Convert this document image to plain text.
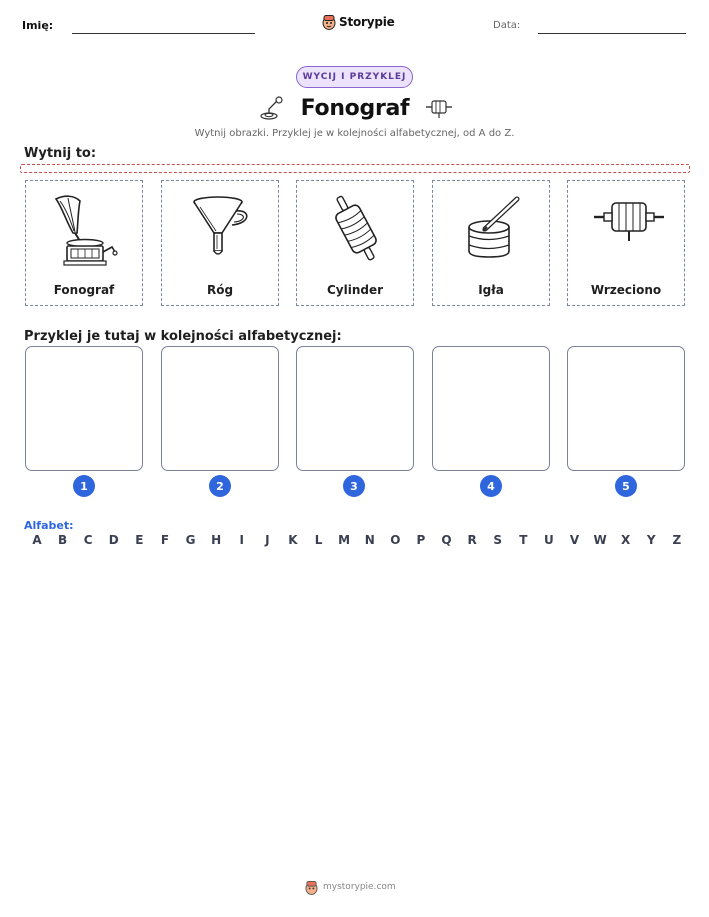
Imię:	Storypie	Data:
WYCIJ I PRZYKLEJ
Fonograf
Wytnij obrazki. Przyklej je w kolejności alfabetycznej, od A do Z.
Wytnij to:
Fonograf	Róg	Cylinder	Igła	Wrzeciono
Przyklej je tutaj w kolejności alfabetycznej:
1	2	3	4	5
Alfabet:
A	B	C	D	E	F	G	H	I	J	K	L	M	N	O	P	Q	R	S	T	U	V	W	X	Y	Z
mystorypie.com
